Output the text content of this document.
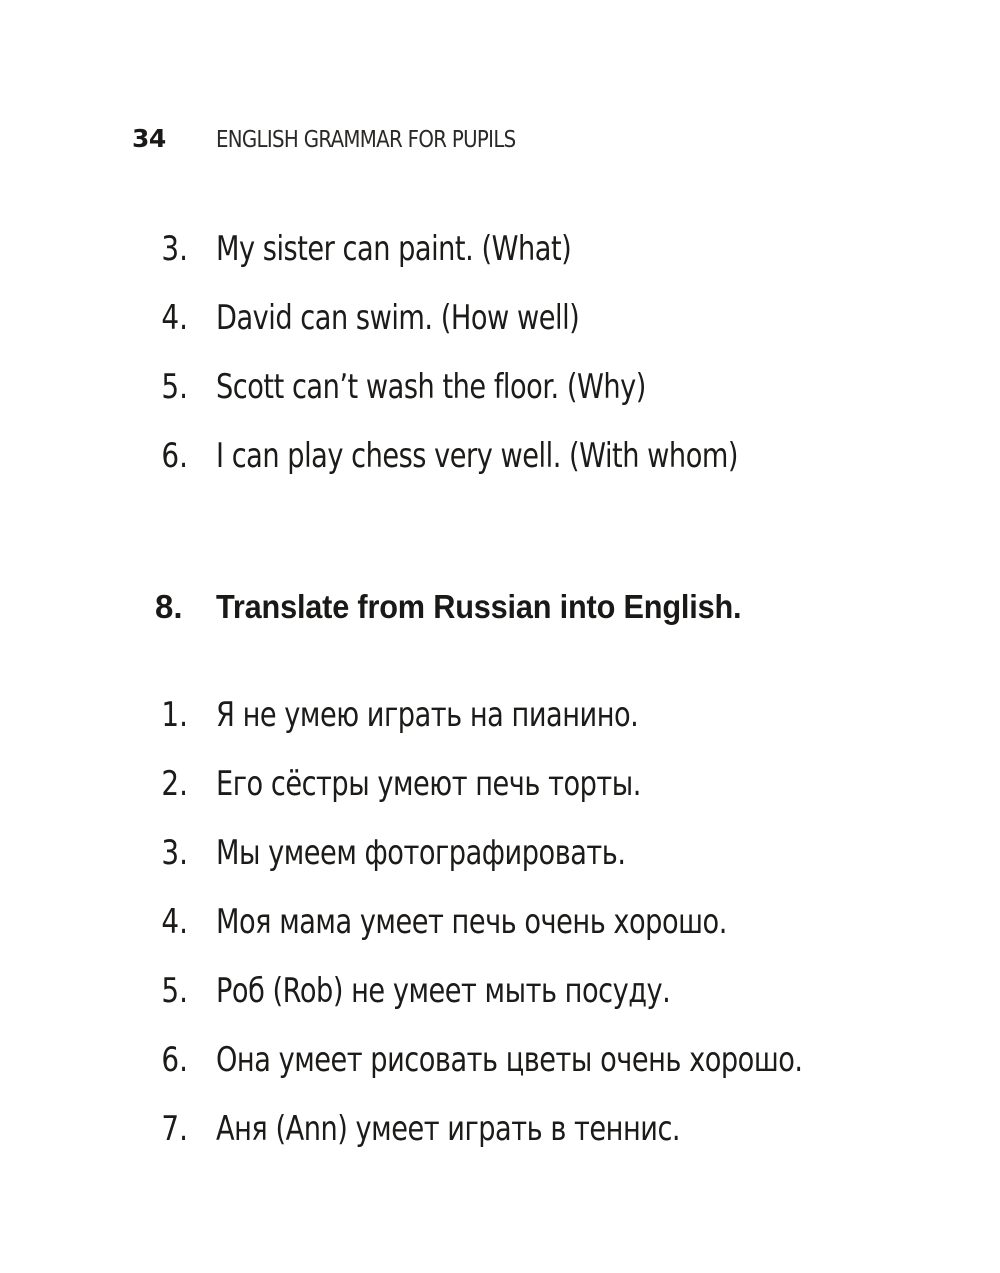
34	ENGLISH GRAMMAR FOR PUPILS
3. My sister can paint. (What)
4. David can swim. (How well)
5. Scott can’t wash the floor. (Why)
6. I can play chess very well. (With whom)
8.	Translate from Russian into English.
1. Я не умею играть на пианино.
2. Его сёстры умеют печь торты.
3. Мы умеем фотографировать.
4. Моя мама умеет печь очень хорошо.
5. Роб (Rob) не умеет мыть посуду.
6. Она умеет рисовать цветы очень хорошо.
7. Аня (Ann) умеет играть в теннис.
